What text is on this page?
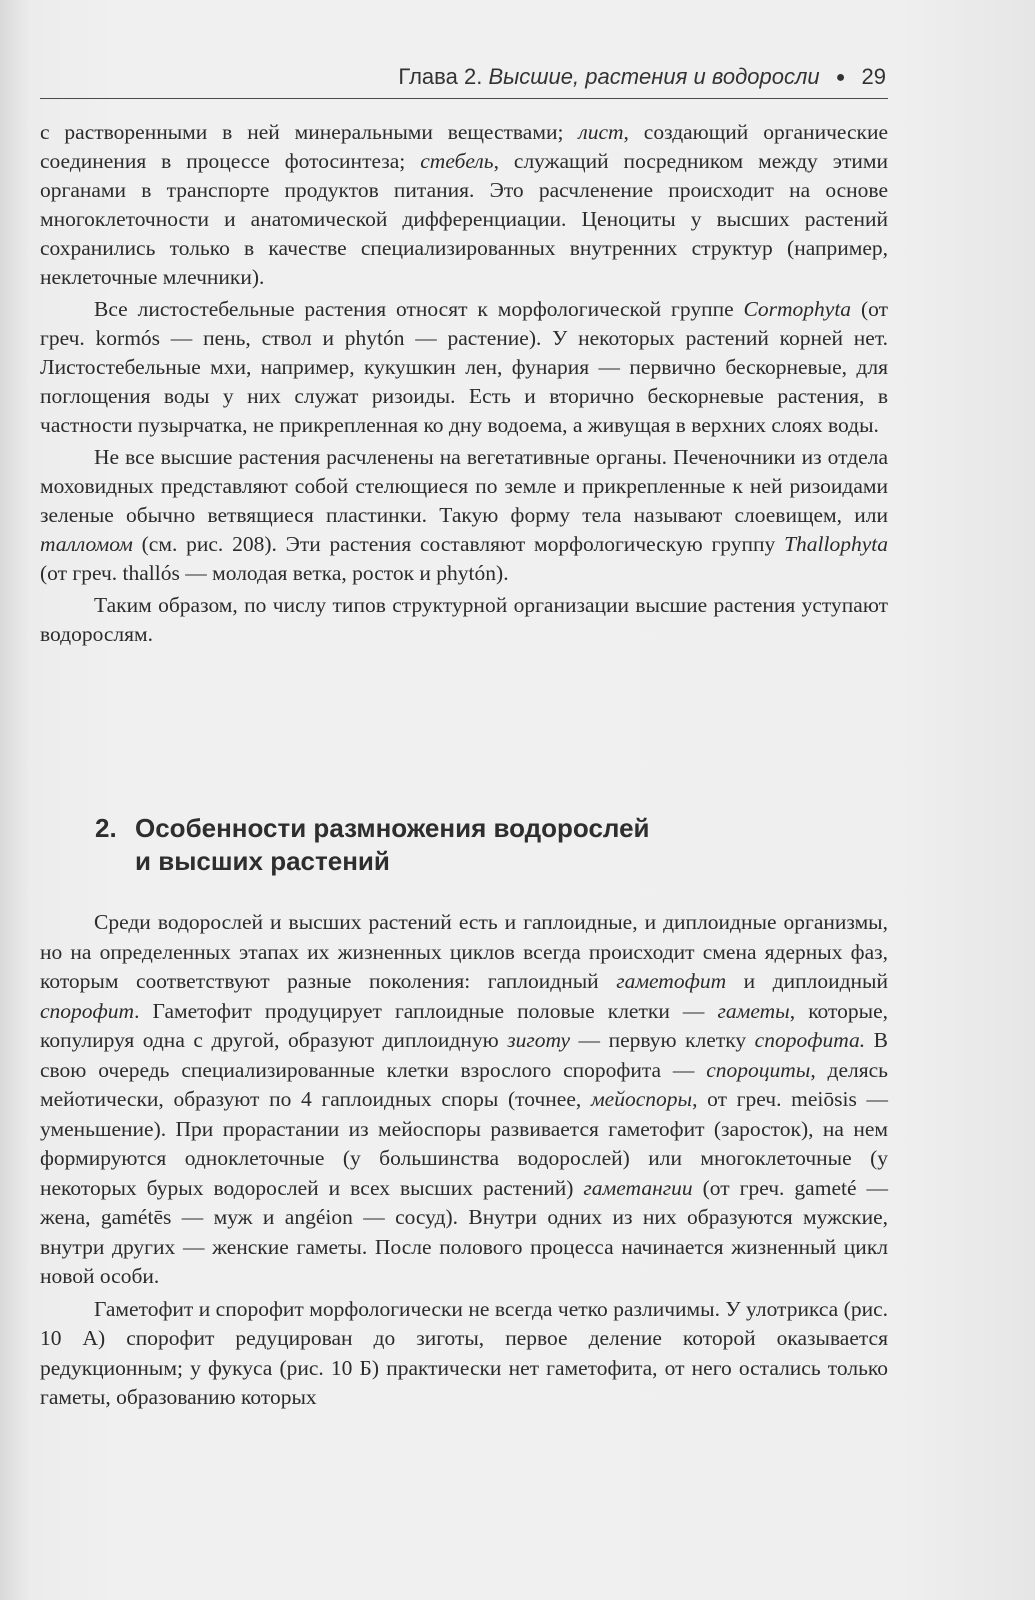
Глава 2. Высшие, растения и водоросли ● 29

с растворенными в ней минеральными веществами; лист, создающий органические соединения в процессе фотосинтеза; стебель, служащий посредником между этими органами в транспорте продуктов питания. Это расчленение происходит на основе многоклеточности и анатомической дифференциации. Ценоциты у высших растений сохранились только в качестве специализированных внутренних структур (например, неклеточные млечники).

Все листостебельные растения относят к морфологической группе Cormophyta (от греч. kormós — пень, ствол и phytón — растение). У некоторых растений корней нет. Листостебельные мхи, например, кукушкин лен, фунария — первично бескорневые, для поглощения воды у них служат ризоиды. Есть и вторично бескорневые растения, в частности пузырчатка, не прикрепленная ко дну водоема, а живущая в верхних слоях воды.

Не все высшие растения расчленены на вегетативные органы. Печеночники из отдела моховидных представляют собой стелющиеся по земле и прикрепленные к ней ризоидами зеленые обычно ветвящиеся пластинки. Такую форму тела называют слоевищем, или талломом (см. рис. 208). Эти растения составляют морфологическую группу Thallophyta (от греч. thallós — молодая ветка, росток и phytón).

Таким образом, по числу типов структурной организации высшие растения уступают водорослям.

2. Особенности размножения водорослей
и высших растений

Среди водорослей и высших растений есть и гаплоидные, и диплоидные организмы, но на определенных этапах их жизненных циклов всегда происходит смена ядерных фаз, которым соответствуют разные поколения: гаплоидный гаметофит и диплоидный спорофит. Гаметофит продуцирует гаплоидные половые клетки — гаметы, которые, копулируя одна с другой, образуют диплоидную зиготу — первую клетку спорофита. В свою очередь специализированные клетки взрослого спорофита — спороциты, делясь мейотически, образуют по 4 гаплоидных споры (точнее, мейоспоры, от греч. meiōsis — уменьшение). При прорастании из мейоспоры развивается гаметофит (заросток), на нем формируются одноклеточные (у большинства водорослей) или многоклеточные (у некоторых бурых водорослей и всех высших растений) гаметангии (от греч. gameté — жена, gamétēs — муж и angéion — сосуд). Внутри одних из них образуются мужские, внутри других — женские гаметы. После полового процесса начинается жизненный цикл новой особи.

Гаметофит и спорофит морфологически не всегда четко различимы. У улотрикса (рис. 10 А) спорофит редуцирован до зиготы, первое деление которой оказывается редукционным; у фукуса (рис. 10 Б) практически нет гаметофита, от него остались только гаметы, образованию которых
